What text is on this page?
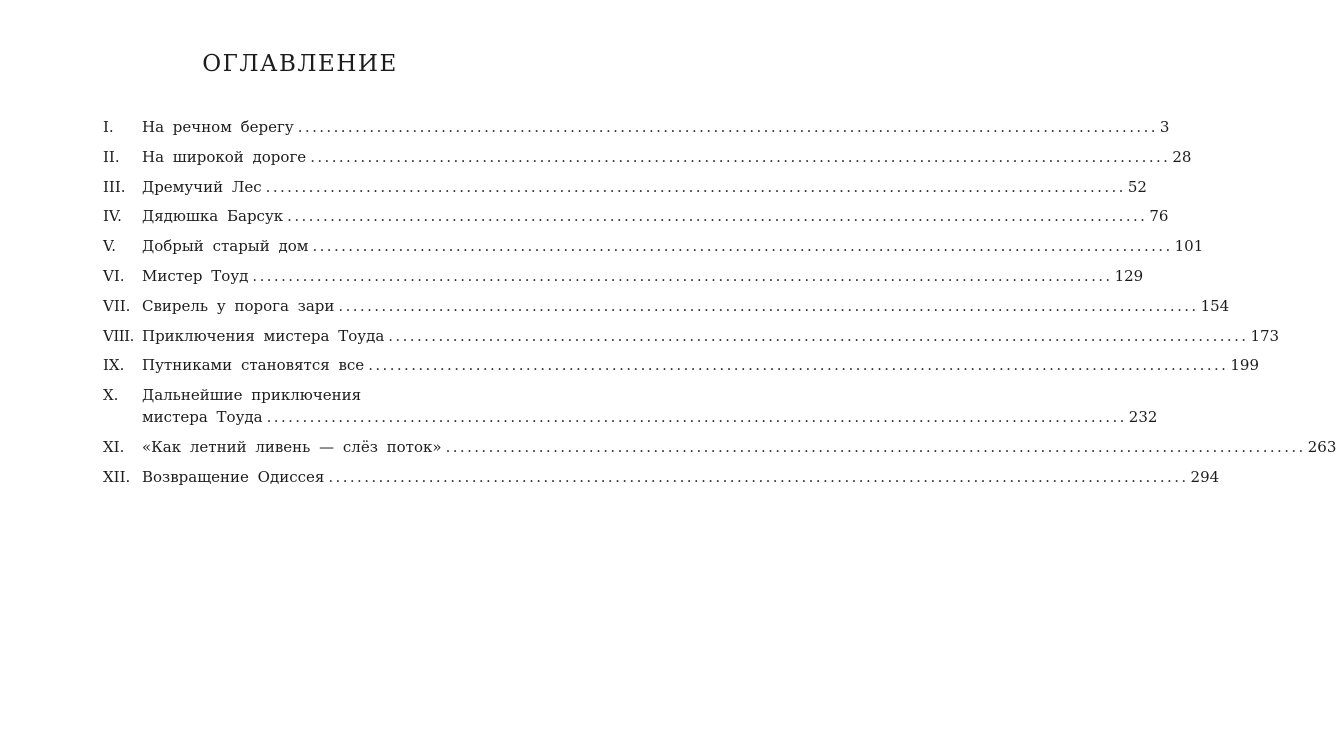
ОГЛАВЛЕНИЕ
I. На речном берегу ........................................................................................................................ 3
II. На широкой дороге ........................................................................................................................ 28
III. Дремучий Лес ........................................................................................................................ 52
IV. Дядюшка Барсук ........................................................................................................................ 76
V. Добрый старый дом ........................................................................................................................ 101
VI. Мистер Тоуд ........................................................................................................................ 129
VII. Свирель у порога зари ........................................................................................................................ 154
VIII. Приключения мистера Тоуда ........................................................................................................................ 173
IX. Путниками становятся все ........................................................................................................................ 199
X. Дальнейшие приключения
мистера Тоуда ........................................................................................................................ 232
XI. «Как летний ливень — слёз поток» ........................................................................................................................ 263
XII. Возвращение Одиссея ........................................................................................................................ 294
